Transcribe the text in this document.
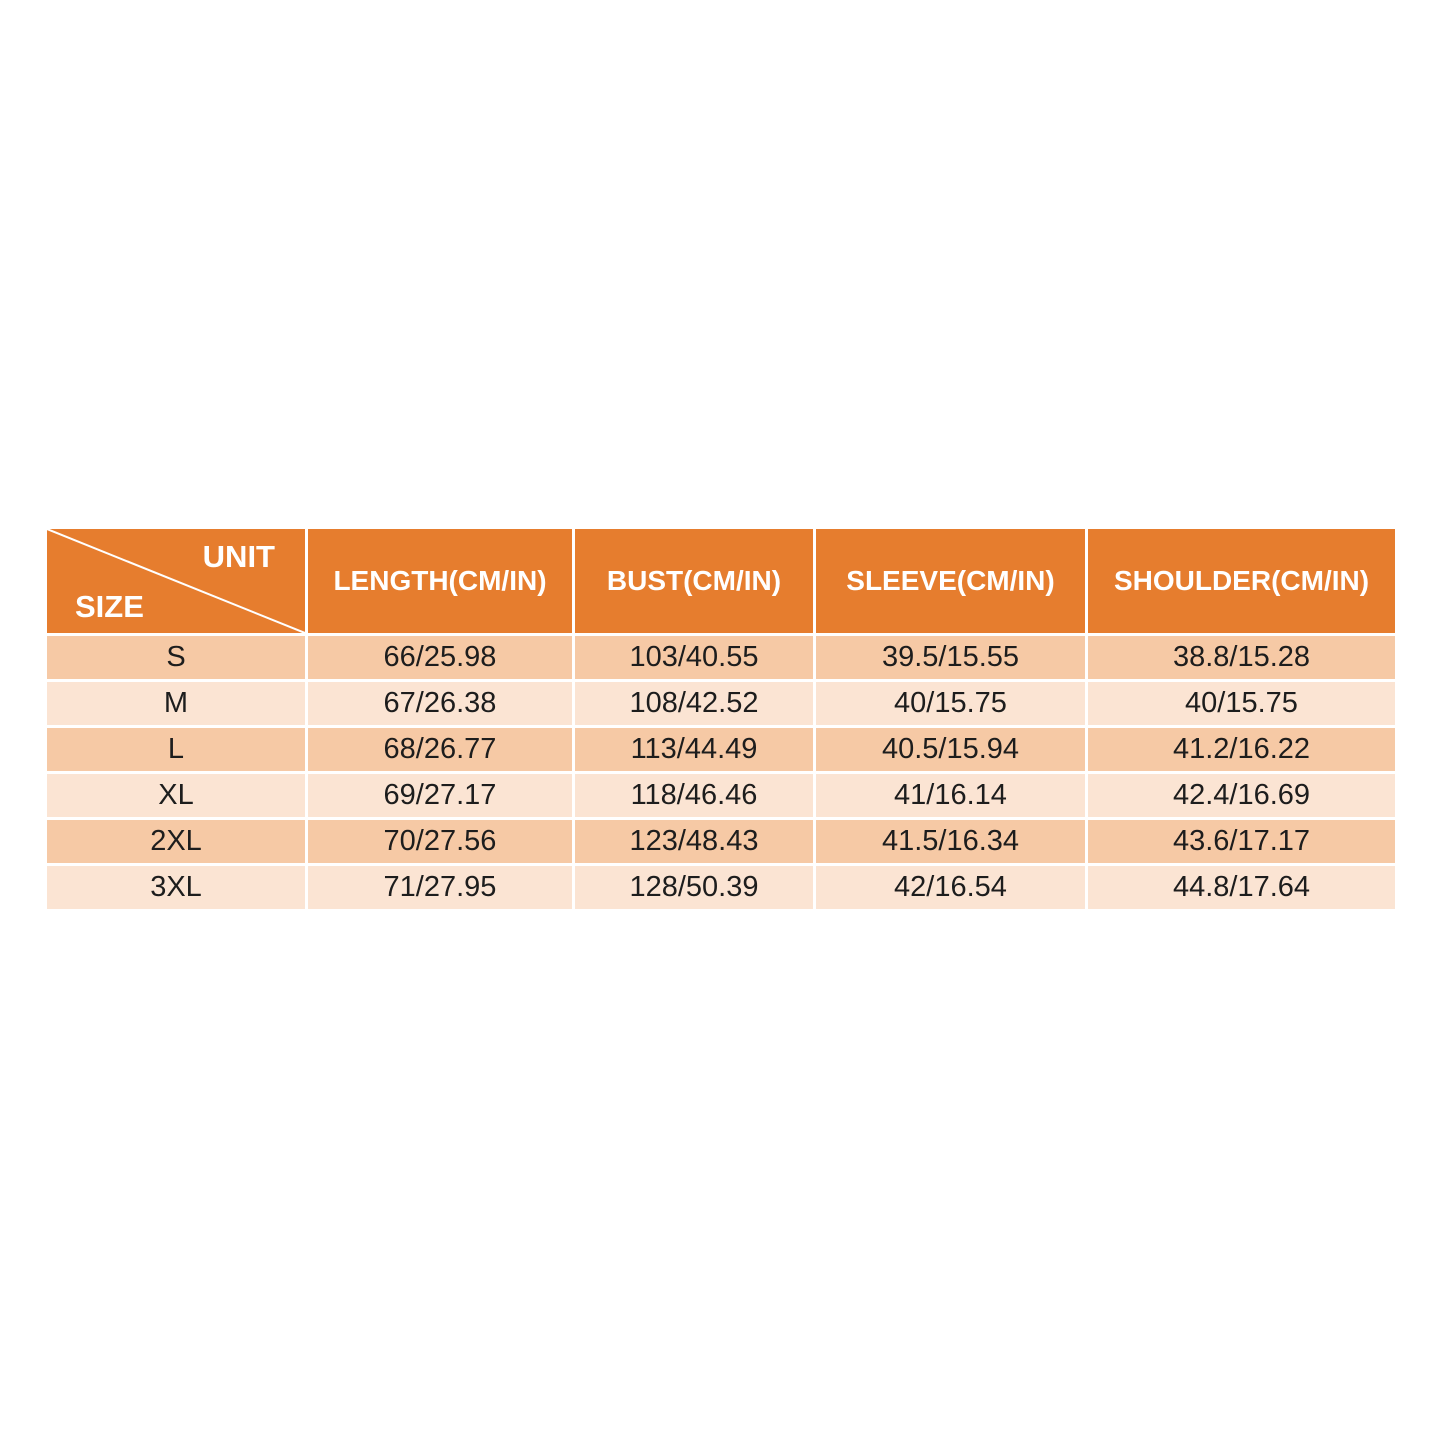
UNIT
SIZE
LENGTH(CM/IN)	BUST(CM/IN)	SLEEVE(CM/IN)	SHOULDER(CM/IN)
S	66/25.98	103/40.55	39.5/15.55	38.8/15.28
M	67/26.38	108/42.52	40/15.75	40/15.75
L	68/26.77	113/44.49	40.5/15.94	41.2/16.22
XL	69/27.17	118/46.46	41/16.14	42.4/16.69
2XL	70/27.56	123/48.43	41.5/16.34	43.6/17.17
3XL	71/27.95	128/50.39	42/16.54	44.8/17.64
